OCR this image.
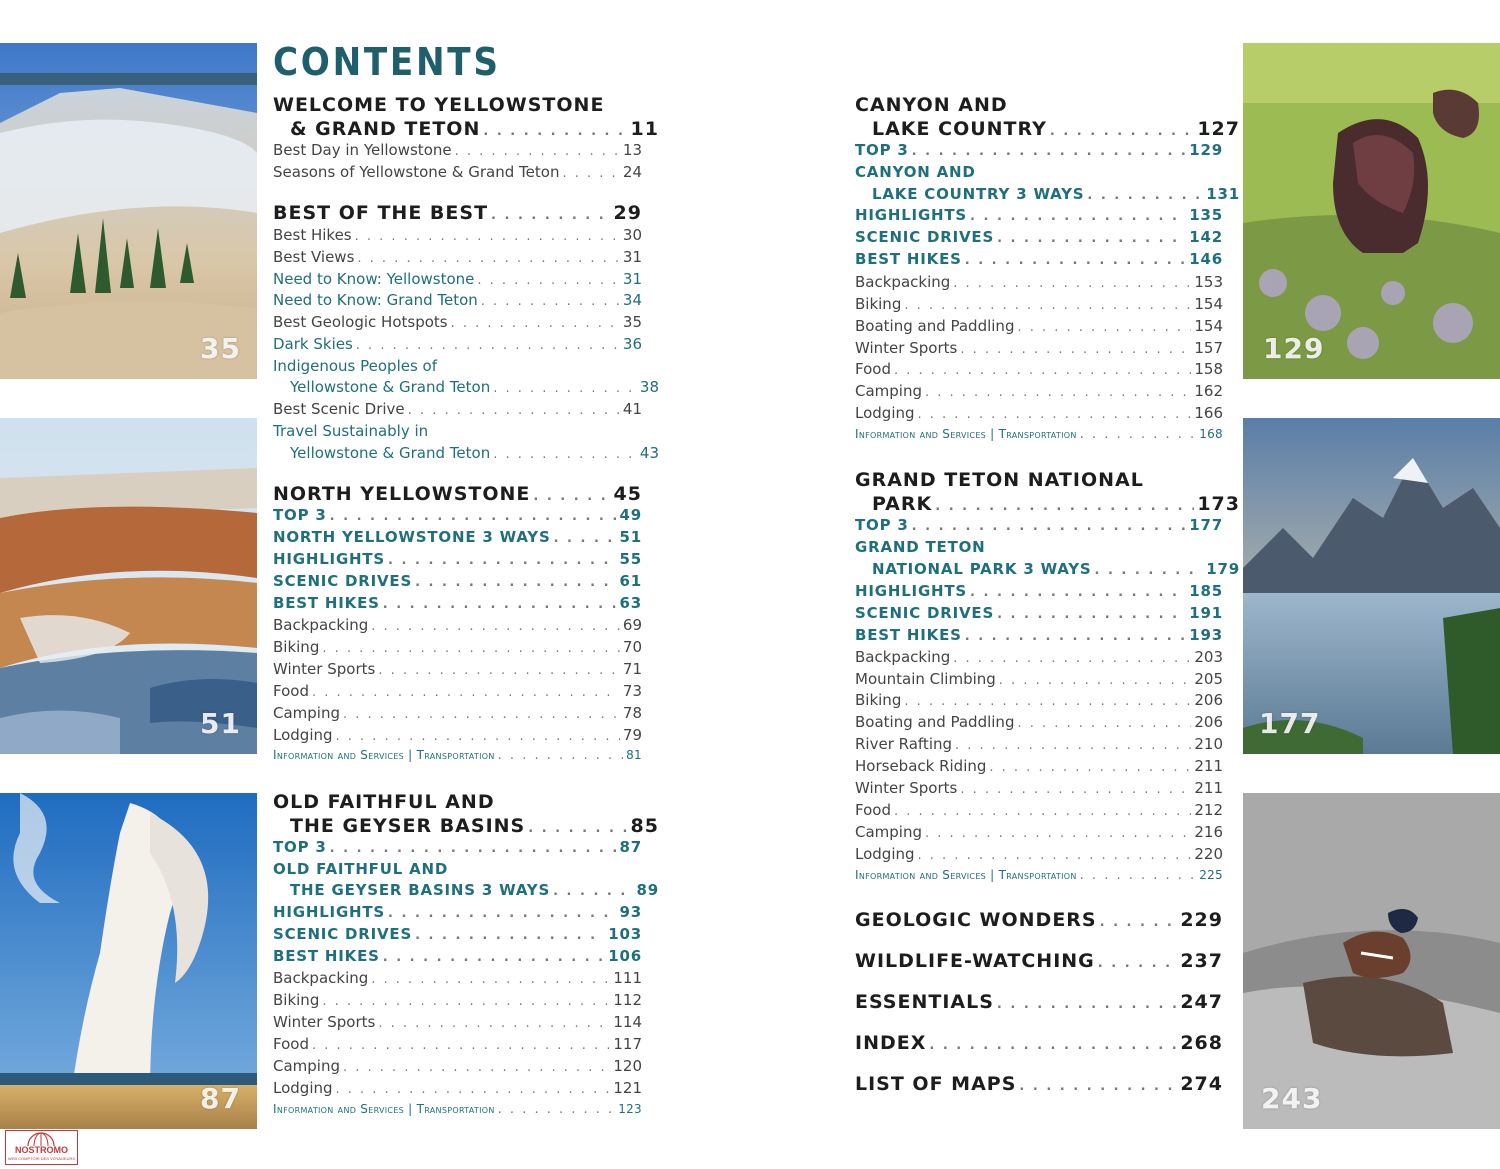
35
51
87
129
177
243
CONTENTS
WELCOME TO YELLOWSTONE
& GRAND TETON . . .	11
Best Day in Yellowstone . . .	13
Seasons of Yellowstone & Grand Teton . . .	24
BEST OF THE BEST . . .	29
Best Hikes . . .	30
Best Views . . .	31
Need to Know: Yellowstone . . .	31
Need to Know: Grand Teton . . .	34
Best Geologic Hotspots . . .	35
Dark Skies . . .	36
Indigenous Peoples of
Yellowstone & Grand Teton . . .	38
Best Scenic Drive . . .	41
Travel Sustainably in
Yellowstone & Grand Teton . . .	43
NORTH YELLOWSTONE . . .	45
TOP 3 . . .	49
NORTH YELLOWSTONE 3 WAYS . . .	51
HIGHLIGHTS . . .	55
SCENIC DRIVES . . .	61
BEST HIKES . . .	63
Backpacking . . .	69
Biking . . .	70
Winter Sports . . .	71
Food . . .	73
Camping . . .	78
Lodging . . .	79
Information and Services | Transportation . . .	81
OLD FAITHFUL AND
THE GEYSER BASINS . . .	85
TOP 3 . . .	87
OLD FAITHFUL AND
THE GEYSER BASINS 3 WAYS . . .	89
HIGHLIGHTS . . .	93
SCENIC DRIVES . . .	103
BEST HIKES . . .	106
Backpacking . . .	111
Biking . . .	112
Winter Sports . . .	114
Food . . .	117
Camping . . .	120
Lodging . . .	121
Information and Services | Transportation . . .	123
CANYON AND
LAKE COUNTRY . . .	127
TOP 3 . . .	129
CANYON AND
LAKE COUNTRY 3 WAYS . . .	131
HIGHLIGHTS . . .	135
SCENIC DRIVES . . .	142
BEST HIKES . . .	146
Backpacking . . .	153
Biking . . .	154
Boating and Paddling . . .	154
Winter Sports . . .	157
Food . . .	158
Camping . . .	162
Lodging . . .	166
Information and Services | Transportation . . .	168
GRAND TETON NATIONAL
PARK . . .	173
TOP 3 . . .	177
GRAND TETON
NATIONAL PARK 3 WAYS . . .	179
HIGHLIGHTS . . .	185
SCENIC DRIVES . . .	191
BEST HIKES . . .	193
Backpacking . . .	203
Mountain Climbing . . .	205
Biking . . .	206
Boating and Paddling . . .	206
River Rafting . . .	210
Horseback Riding . . .	211
Winter Sports . . .	211
Food . . .	212
Camping . . .	216
Lodging . . .	220
Information and Services | Transportation . . .	225
GEOLOGIC WONDERS . . .	229
WILDLIFE-WATCHING . . .	237
ESSENTIALS . . .	247
INDEX . . .	268
LIST OF MAPS . . .	274
NOSTROMO
WEB COMPTOIR DES VOYAGEURS
